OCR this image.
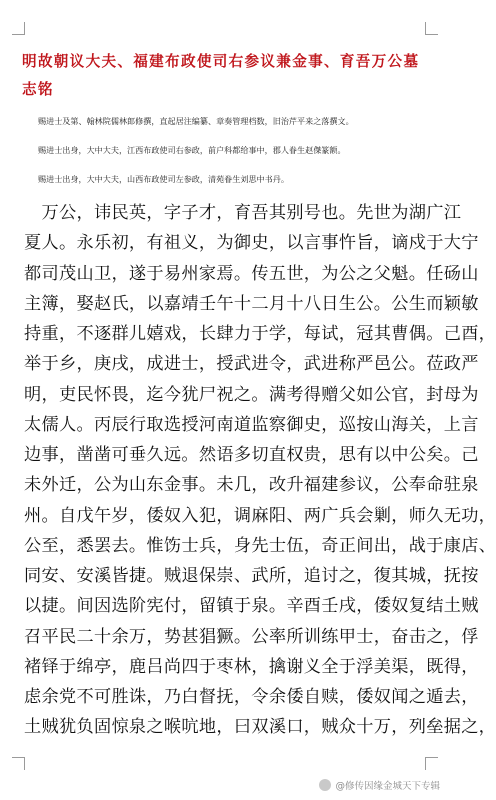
明故朝议大夫、福建布政使司右参议兼金事、育吾万公墓
志铭
赐进士及第、翰林院儒林郎修撰，直起居注编纂、章奏管理档数，旧治芹平来之落撰文。
赐进士出身，大中大夫，江西布政使司右参政，前户科都给事中，郡人眷生赵傑篆额。
赐进士出身，大中大夫，山西布政使司左参政，清苑眷生刘思中书丹。
　万公，讳民英，字子才，育吾其别号也。先世为湖广江
夏人。永乐初，有祖义，为御史，以言事忤旨，谪戍于大宁
都司茂山卫，遂于易州家焉。传五世，为公之父魁。任砀山
主簿，娶赵氏，以嘉靖壬午十二月十八日生公。公生而颖敏
持重，不逐群儿嬉戏，长肆力于学，每试，冠其曹偶。己酉，
举于乡，庚戌，成进士，授武进令，武进称严邑公。莅政严
明，吏民怀畏，迄今犹尸祝之。满考得赠父如公官，封母为
太儒人。丙辰行取选授河南道监察御史，巡按山海关，上言
边事，凿凿可垂久远。然语多切直权贵，思有以中公矣。己
未外迁，公为山东金事。未几，改升福建参议，公奉命驻泉
州。自戊午岁，倭奴入犯，调麻阳、两广兵会剿，师久无功，
公至，悉罢去。惟饬士兵，身先士伍，奇正间出，战于康店、
同安、安溪皆捷。贼退保崇、武所，追讨之，復其城，抚按
以捷。间因选阶宪付，留镇于泉。辛酉壬戌，倭奴复结土贼
召平民二十余万，势甚猖獗。公率所训练甲士，奋击之，俘
褚铎于绵亭，鹿吕尚四于枣林，擒谢义全于浮美渠，既得，
虑余党不可胜诛，乃白督抚，令余倭自赎，倭奴闻之遁去，
土贼犹负固惊泉之喉吭地，曰双溪口，贼众十万，列垒据之，
@修传因缘金城天下专辑
